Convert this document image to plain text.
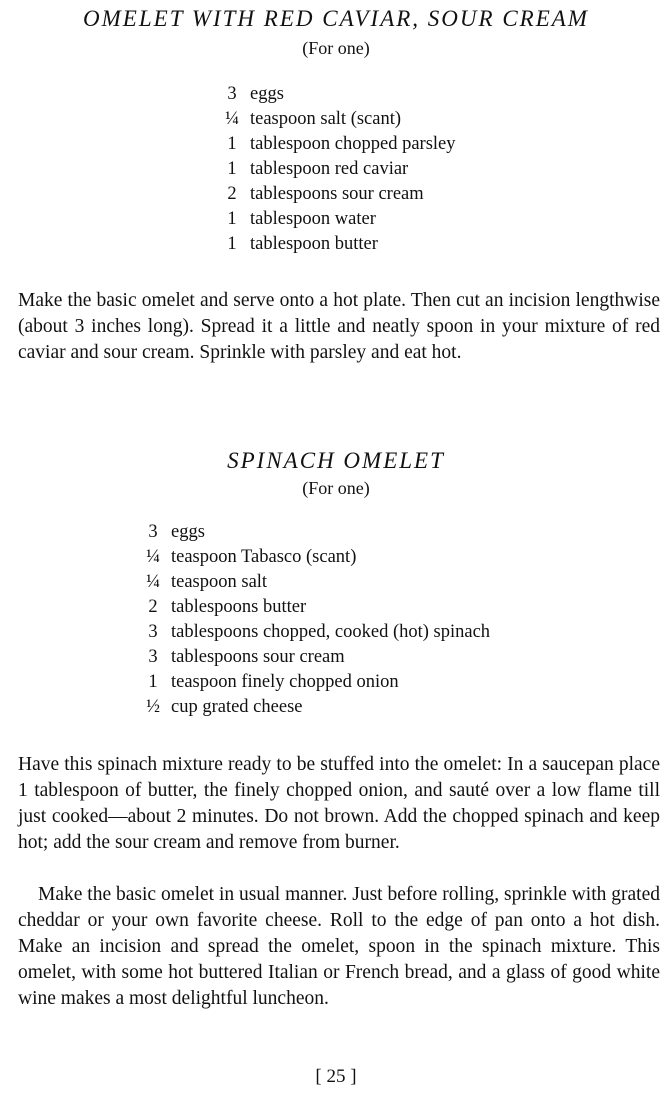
OMELET WITH RED CAVIAR, SOUR CREAM
(For one)
3 eggs
¼ teaspoon salt (scant)
1 tablespoon chopped parsley
1 tablespoon red caviar
2 tablespoons sour cream
1 tablespoon water
1 tablespoon butter

Make the basic omelet and serve onto a hot plate. Then cut an incision lengthwise (about 3 inches long). Spread it a little and neatly spoon in your mixture of red caviar and sour cream. Sprinkle with parsley and eat hot.

SPINACH OMELET
(For one)
3 eggs
¼ teaspoon Tabasco (scant)
¼ teaspoon salt
2 tablespoons butter
3 tablespoons chopped, cooked (hot) spinach
3 tablespoons sour cream
1 teaspoon finely chopped onion
½ cup grated cheese

Have this spinach mixture ready to be stuffed into the omelet: In a saucepan place 1 tablespoon of butter, the finely chopped onion, and sauté over a low flame till just cooked—about 2 minutes. Do not brown. Add the chopped spinach and keep hot; add the sour cream and remove from burner.

Make the basic omelet in usual manner. Just before rolling, sprinkle with grated cheddar or your own favorite cheese. Roll to the edge of pan onto a hot dish. Make an incision and spread the omelet, spoon in the spinach mixture. This omelet, with some hot buttered Italian or French bread, and a glass of good white wine makes a most delightful luncheon.

[ 25 ]
